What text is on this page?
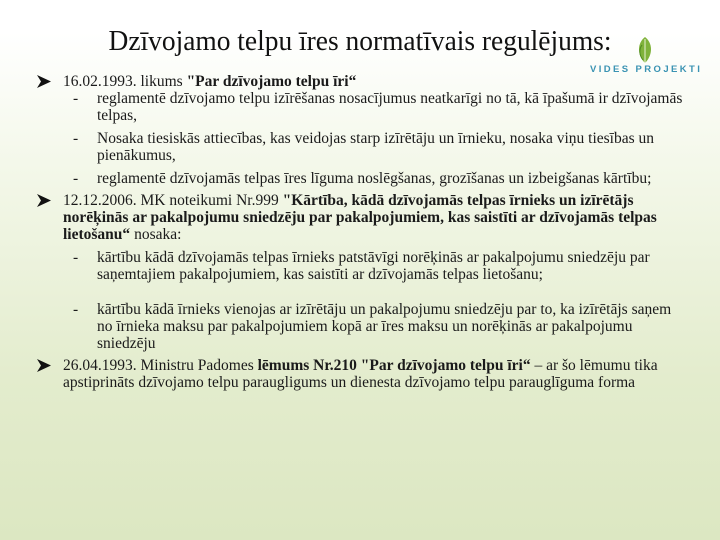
Dzīvojamo telpu īres normatīvais regulējums:
VIDES PROJEKTI
16.02.1993. likums "Par dzīvojamo telpu īri“
- reglamentē dzīvojamo telpu izīrēšanas nosacījumus neatkarīgi no tā, kā īpašumā ir dzīvojamās telpas,
- Nosaka tiesiskās attiecības, kas veidojas starp izīrētāju un īrnieku, nosaka viņu tiesības un pienākumus,
- reglamentē dzīvojamās telpas īres līguma noslēgšanas, grozīšanas un izbeigšanas kārtību;
12.12.2006. MK noteikumi Nr.999 "Kārtība, kādā dzīvojamās telpas īrnieks un izīrētājs norēķinās ar pakalpojumu sniedzēju par pakalpojumiem, kas saistīti ar dzīvojamās telpas lietošanu“ nosaka:
- kārtību kādā dzīvojamās telpas īrnieks patstāvīgi norēķinās ar pakalpojumu sniedzēju par saņemtajiem pakalpojumiem, kas saistīti ar dzīvojamās telpas lietošanu;
- kārtību kādā īrnieks vienojas ar izīrētāju un pakalpojumu sniedzēju par to, ka izīrētājs saņem no īrnieka maksu par pakalpojumiem kopā ar īres maksu un norēķinās ar pakalpojumu sniedzēju
26.04.1993. Ministru Padomes lēmums Nr.210 "Par dzīvojamo telpu īri“ – ar šo lēmumu tika apstiprināts dzīvojamo telpu paraugligums un dienesta dzīvojamo telpu parauglīguma forma
